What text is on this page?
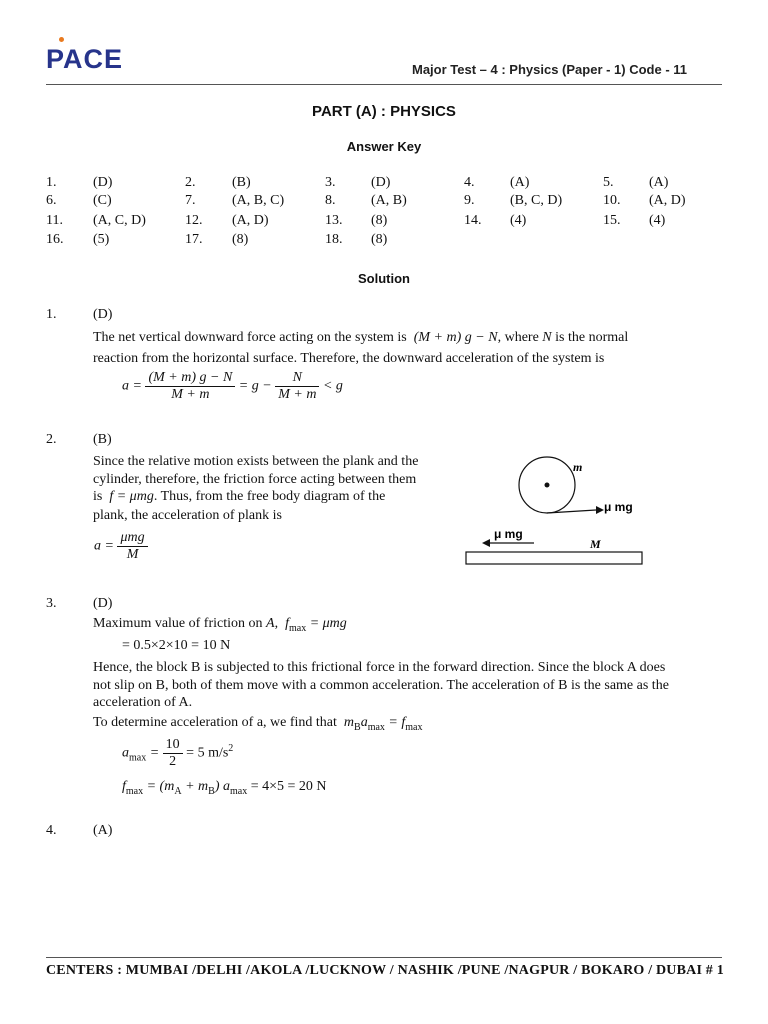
PACE	Major Test – 4 : Physics (Paper - 1) Code - 11
PART (A) : PHYSICS
Answer Key
1.	(D)	2.	(B)	3.	(D)	4.	(A)	5.	(A)
6.	(C)	7.	(A, B, C)	8.	(A, B)	9.	(B, C, D)	10. (A, D)
11. (A, C, D)	12. (A, D)	13. (8)	14. (4)	15. (4)
16. (5)	17. (8)	18. (8)
Solution
1.	(D)
The net vertical downward force acting on the system is  (M + m) g − N, where N is the normal
reaction from the horizontal surface. Therefore, the downward acceleration of the system is
$a = \frac{(M + m) g - N}{M + m} = g - \frac{N}{M + m} < g$
2.	(B)
Since the relative motion exists between the plank and the
cylinder, therefore, the friction force acting between them
is  f = μmg. Thus, from the free body diagram of the
plank, the acceleration of plank is
$a = \frac{\text{μmg}}{M}$
m
μ mg
μ mg
M
3.	(D)
Maximum value of friction on A,  $f_{max} = \mu mg$
= 0.5×2×10 = 10 N
Hence, the block B is subjected to this frictional force in the forward direction. Since the block A does
not slip on B, both of them move with a common acceleration. The acceleration of B is the same as the
acceleration of A.
To determine acceleration of a, we find that  $m_Ba_{max} = f_{max}$
$a_{max} = \frac{10}{2} = 5$ $m/s^2$
$f_{max} = (m_A + m_B) a_{max} = 4\times 5 = 20$ N
4.	(A)
CENTERS : MUMBAI /DELHI /AKOLA /LUCKNOW / NASHIK /PUNE /NAGPUR / BOKARO / DUBAI # 1
